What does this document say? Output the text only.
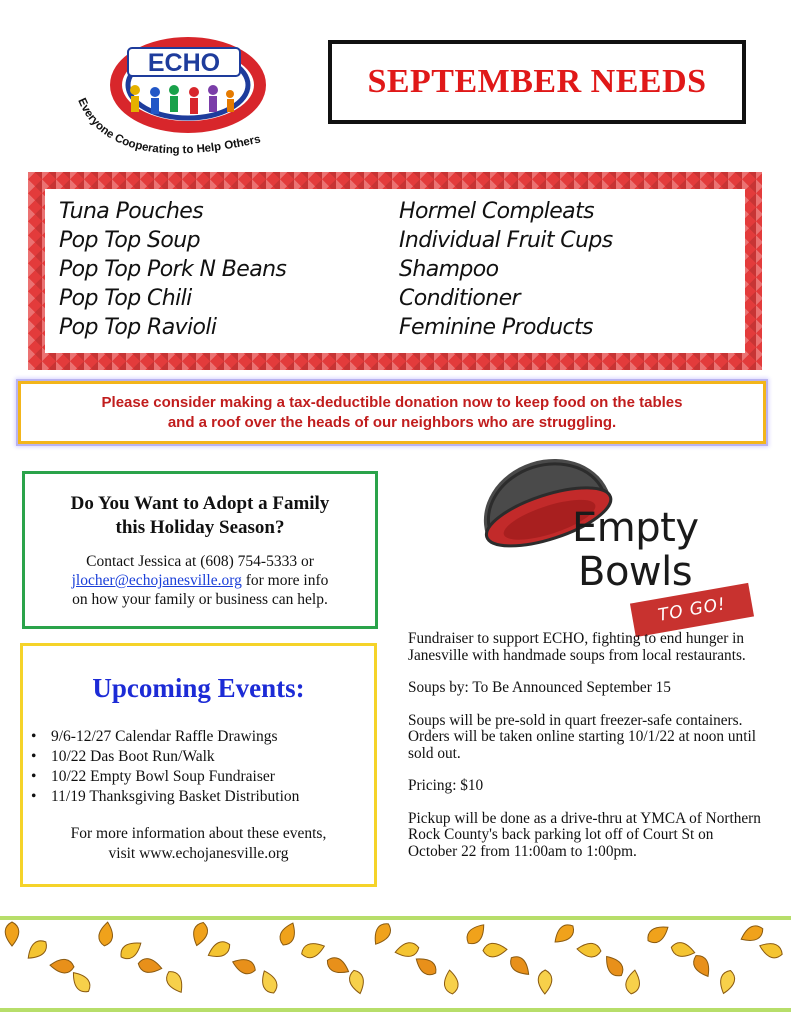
ECHO
Everyone Cooperating to Help Others
SEPTEMBER NEEDS
Tuna Pouches
Pop Top Soup
Pop Top Pork N Beans
Pop Top Chili
Pop Top Ravioli
Hormel Compleats
Individual Fruit Cups
Shampoo
Conditioner
Feminine Products
Please consider making a tax-deductible donation now to keep food on the tables
and a roof over the heads of our neighbors who are struggling.
Do You Want to Adopt a Family
this Holiday Season?
Contact Jessica at (608) 754-5333 or
jlocher@echojanesville.org for more info
on how your family or business can help.
Upcoming Events:
• 9/6-12/27 Calendar Raffle Drawings
• 10/22 Das Boot Run/Walk
• 10/22 Empty Bowl Soup Fundraiser
• 11/19 Thanksgiving Basket Distribution
For more information about these events,
visit www.echojanesville.org
Empty
Bowls
TO GO!

Fundraiser to support ECHO, fighting to end hunger in Janesville with handmade soups from local restaurants.

Soups by: To Be Announced September 15

Soups will be pre-sold in quart freezer-safe containers. Orders will be taken online starting 10/1/22 at noon until sold out.

Pricing: $10

Pickup will be done as a drive-thru at YMCA of Northern Rock County's back parking lot off of Court St on October 22 from 11:00am to 1:00pm.
